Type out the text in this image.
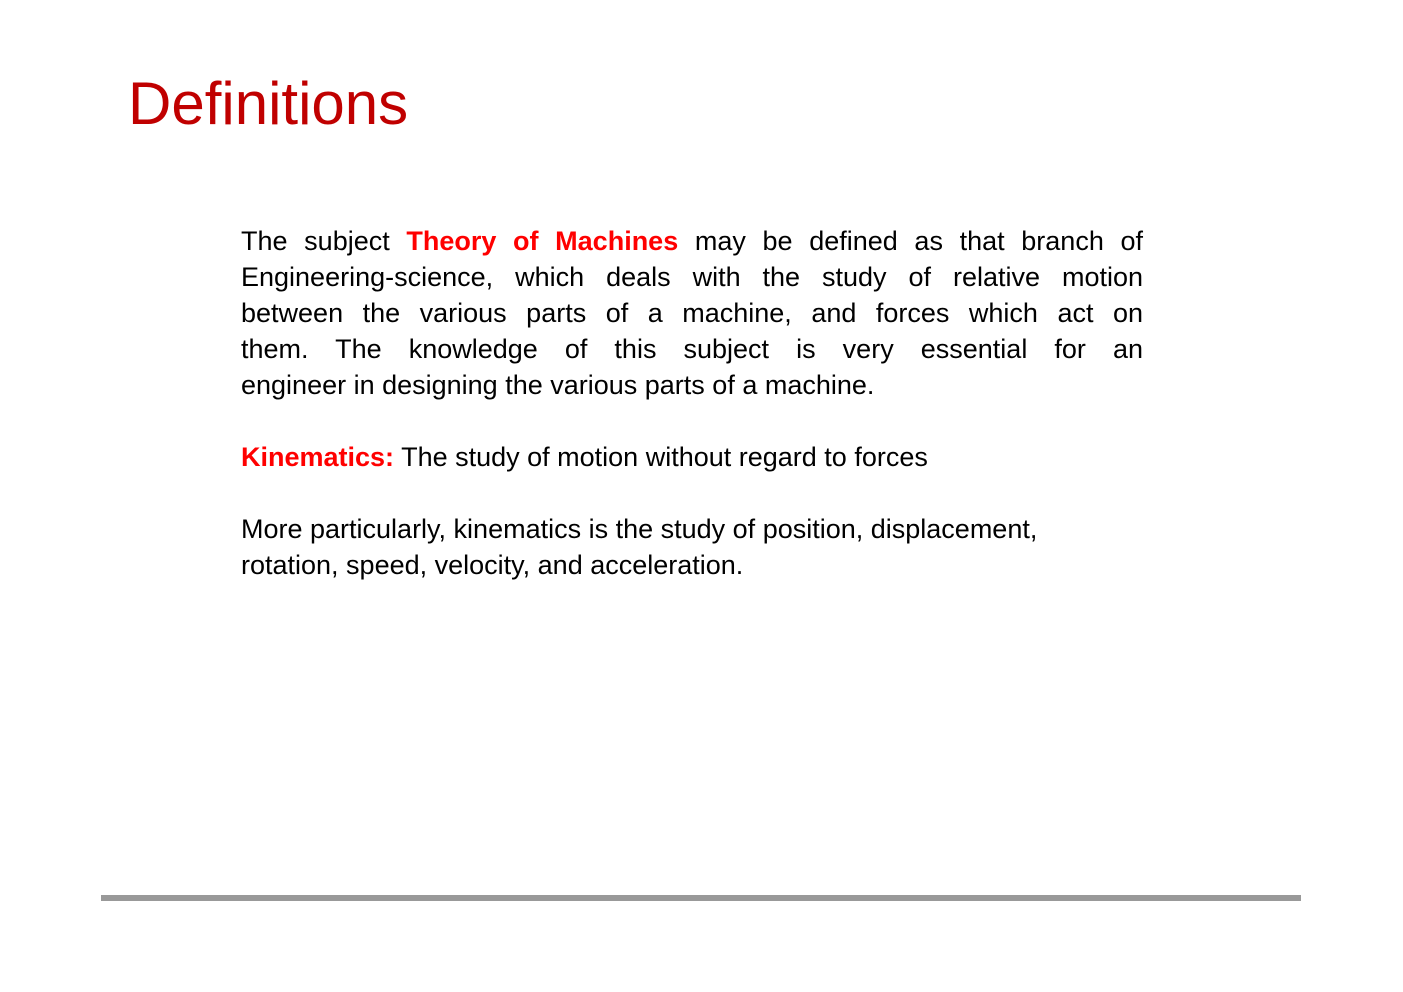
Definitions
The subject Theory of Machines may be defined as that branch of
Engineering-science, which deals with the study of relative motion
between the various parts of a machine, and forces which act on
them. The knowledge of this subject is very essential for an
engineer in designing the various parts of a machine.
Kinematics: The study of motion without regard to forces
More particularly, kinematics is the study of position, displacement,
rotation, speed, velocity, and acceleration.
